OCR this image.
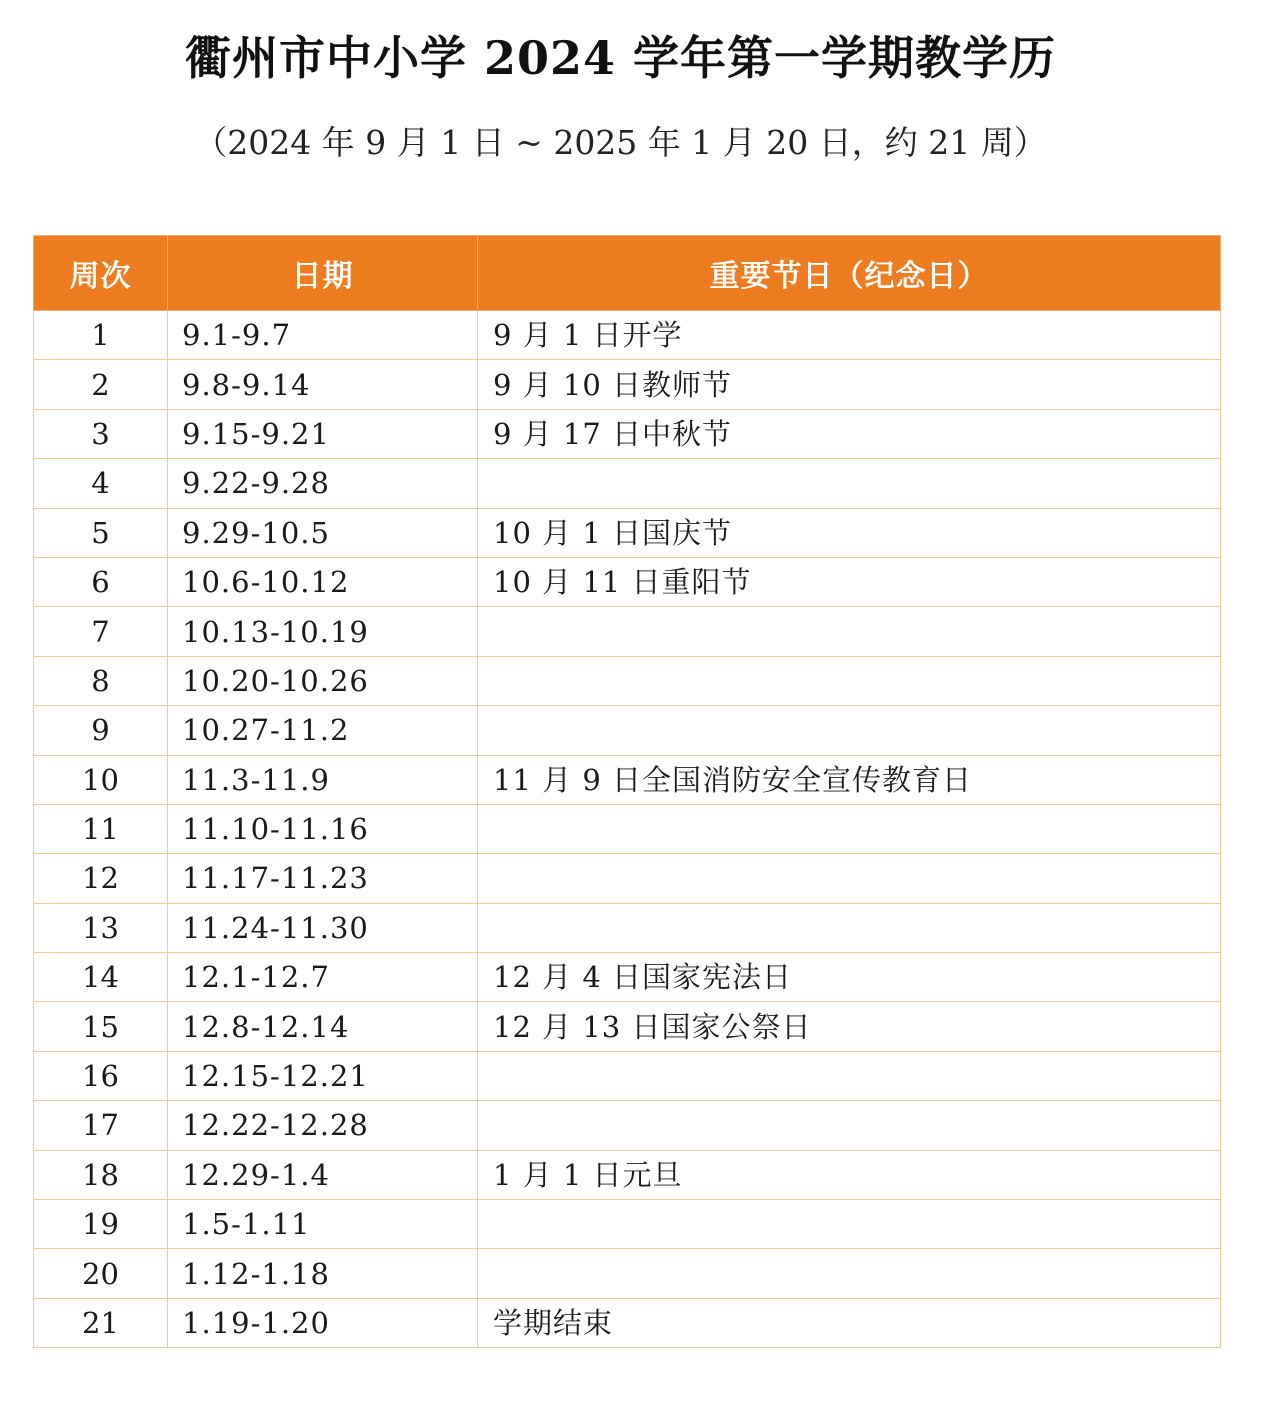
衢州市中小学 2024 学年第一学期教学历
（2024 年 9 月 1 日 ~ 2025 年 1 月 20 日，约 21 周）
周次	日期	重要节日（纪念日）
1	9.1-9.7	9 月 1 日开学
2	9.8-9.14	9 月 10 日教师节
3	9.15-9.21	9 月 17 日中秋节
4	9.22-9.28	
5	9.29-10.5	10 月 1 日国庆节
6	10.6-10.12	10 月 11 日重阳节
7	10.13-10.19	
8	10.20-10.26	
9	10.27-11.2	
10	11.3-11.9	11 月 9 日全国消防安全宣传教育日
11	11.10-11.16	
12	11.17-11.23	
13	11.24-11.30	
14	12.1-12.7	12 月 4 日国家宪法日
15	12.8-12.14	12 月 13 日国家公祭日
16	12.15-12.21	
17	12.22-12.28	
18	12.29-1.4	1 月 1 日元旦
19	1.5-1.11	
20	1.12-1.18	
21	1.19-1.20	学期结束
